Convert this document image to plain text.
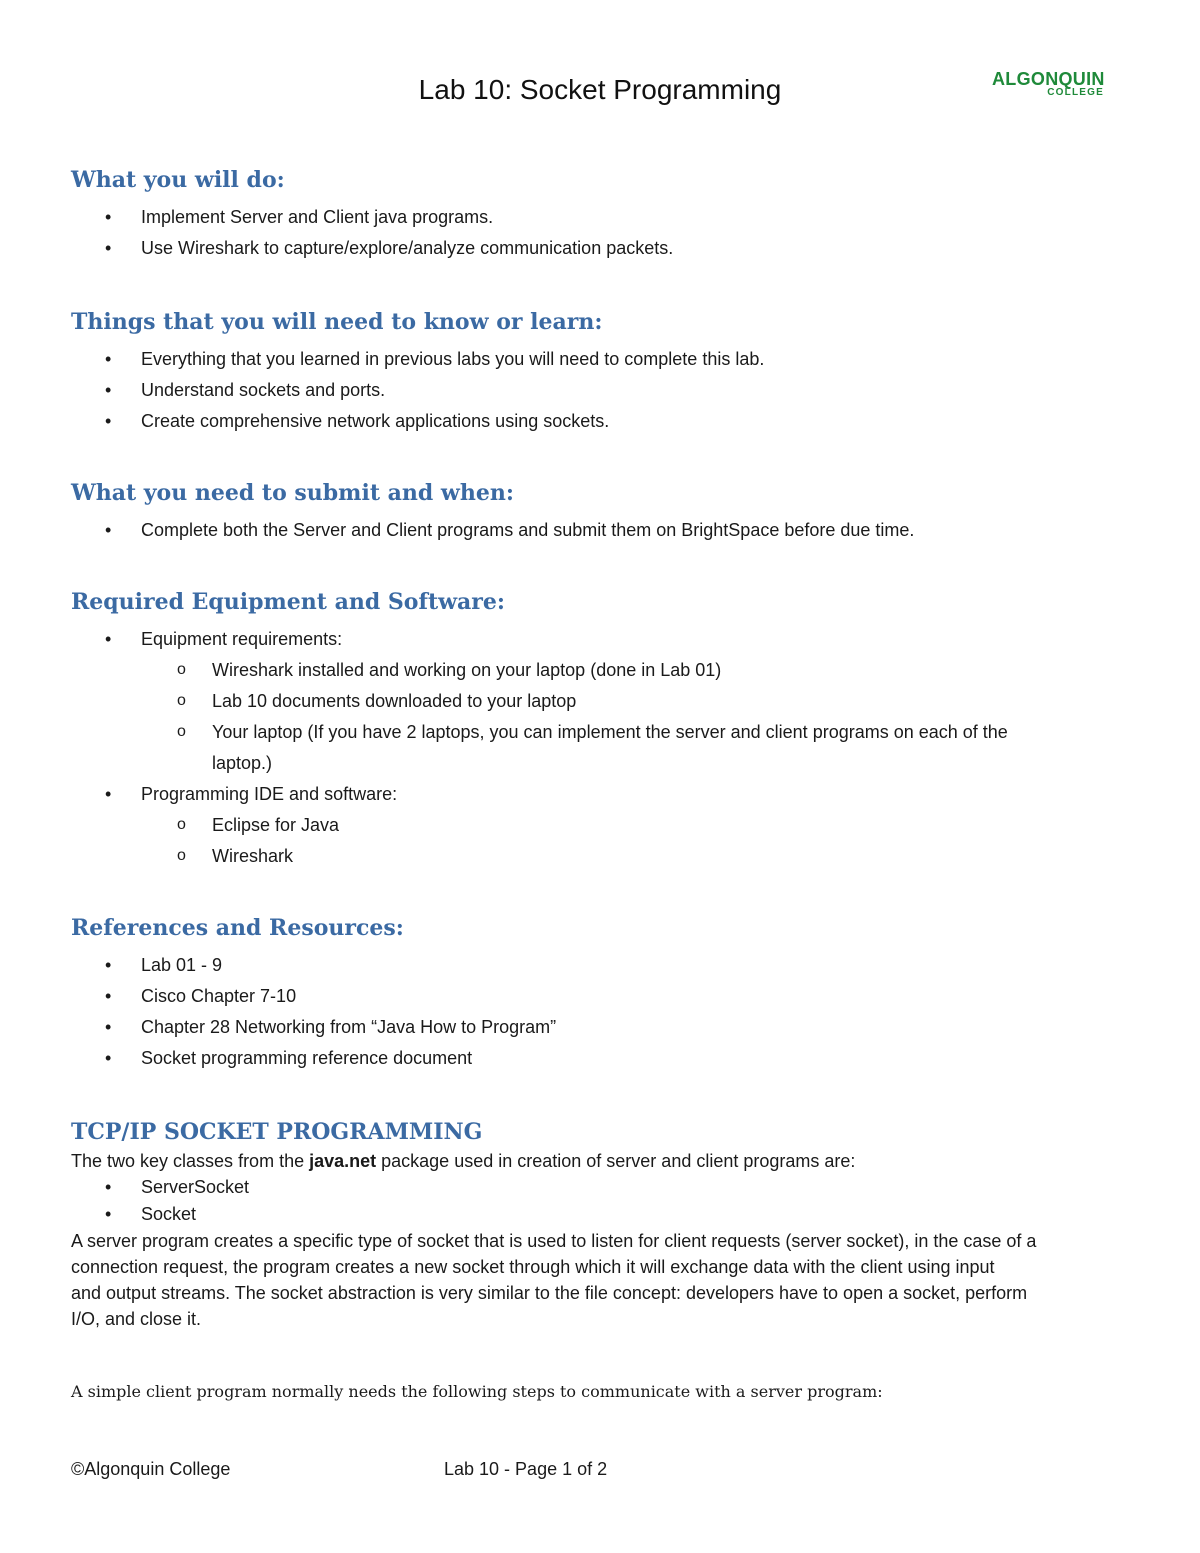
Lab 10: Socket Programming	ALGONQUIN
COLLEGE
What you will do:
• Implement Server and Client java programs.
• Use Wireshark to capture/explore/analyze communication packets.
Things that you will need to know or learn:
• Everything that you learned in previous labs you will need to complete this lab.
• Understand sockets and ports.
• Create comprehensive network applications using sockets.
What you need to submit and when:
• Complete both the Server and Client programs and submit them on BrightSpace before due time.
Required Equipment and Software:
• Equipment requirements:
o Wireshark installed and working on your laptop (done in Lab 01)
o Lab 10 documents downloaded to your laptop
o Your laptop (If you have 2 laptops, you can implement the server and client programs on each of the
laptop.)
• Programming IDE and software:
o Eclipse for Java
o Wireshark
References and Resources:
• Lab 01 - 9
• Cisco Chapter 7-10
• Chapter 28 Networking from “Java How to Program”
• Socket programming reference document
TCP/IP SOCKET PROGRAMMING

The two key classes from the java.net package used in creation of server and client programs are:

• ServerSocket
• Socket

A server program creates a specific type of socket that is used to listen for client requests (server socket), in the case of a

connection request, the program creates a new socket through which it will exchange data with the client using input

and output streams. The socket abstraction is very similar to the file concept: developers have to open a socket, perform

I/O, and close it.

A simple client program normally needs the following steps to communicate with a server program:

©Algonquin College	Lab 10 - Page 1 of 2
